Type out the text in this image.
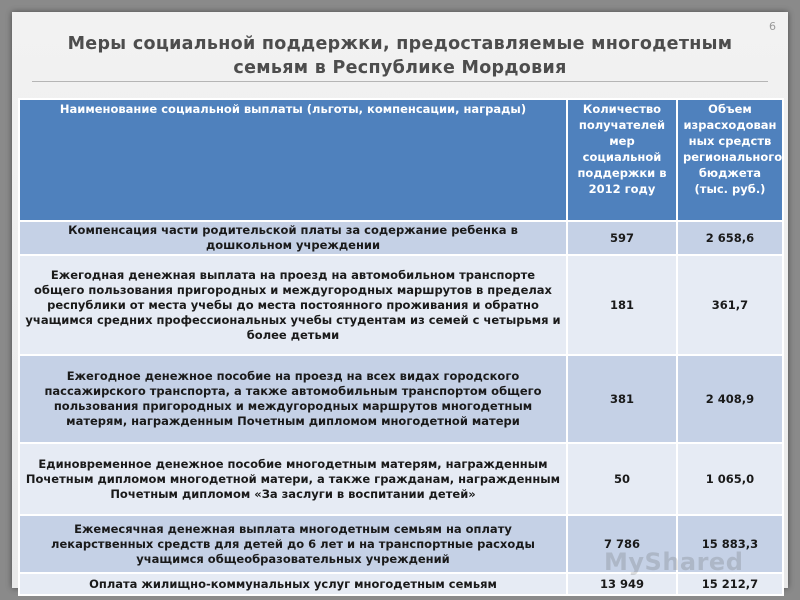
6
Меры социальной поддержки, предоставляемые многодетным
семьям в Республике Мордовия
Наименование социальной выплаты (льготы, компенсации, награды)	Количество получателей мер социальной поддержки в 2012 году	Объем израсходован ных средств регионального бюджета (тыс. руб.)
Компенсация части родительской платы за содержание ребенка в дошкольном учреждении	597	2 658,6
Ежегодная денежная выплата на проезд на автомобильном транспорте общего пользования пригородных и междугородных маршрутов в пределах республики от места учебы до места постоянного проживания и обратно учащимся средних профессиональных учебы студентам из семей с четырьмя и более детьми	181	361,7
Ежегодное денежное пособие на проезд на всех видах городского пассажирского транспорта, а также автомобильным транспортом общего пользования пригородных и междугородных маршрутов многодетным матерям, награжденным Почетным дипломом многодетной матери	381	2 408,9
Единовременное денежное пособие многодетным матерям, награжденным Почетным дипломом многодетной матери, а также гражданам, награжденным Почетным дипломом «За заслуги в воспитании детей»	50	1 065,0
Ежемесячная денежная выплата многодетным семьям на оплату лекарственных средств для детей до 6 лет и на транспортные расходы учащимся общеобразовательных учреждений	7 786	15 883,3
Оплата жилищно-коммунальных услуг многодетным семьям	13 949	15 212,7
MyShared
